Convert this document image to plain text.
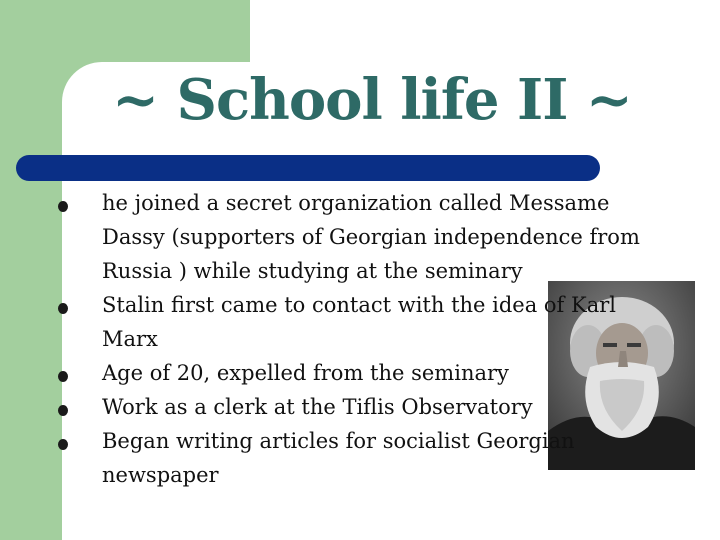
~ School life II ~
he joined a secret organization called Messame Dassy (supporters of Georgian independence from Russia ) while studying at the seminary
Stalin first came to contact with the idea of Karl Marx
Age of 20, expelled from the seminary
Work as a clerk at the Tiflis Observatory
Began writing articles for socialist Georgian newspaper
